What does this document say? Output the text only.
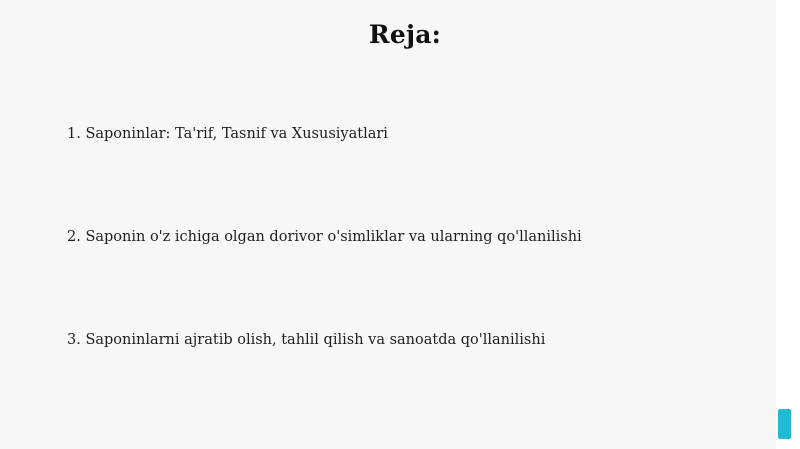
Reja:

1. Saponinlar: Ta'rif, Tasnif va Xususiyatlari

2. Saponin o'z ichiga olgan dorivor o'simliklar va ularning qo'llanilishi

3. Saponinlarni ajratib olish, tahlil qilish va sanoatda qo'llanilishi
